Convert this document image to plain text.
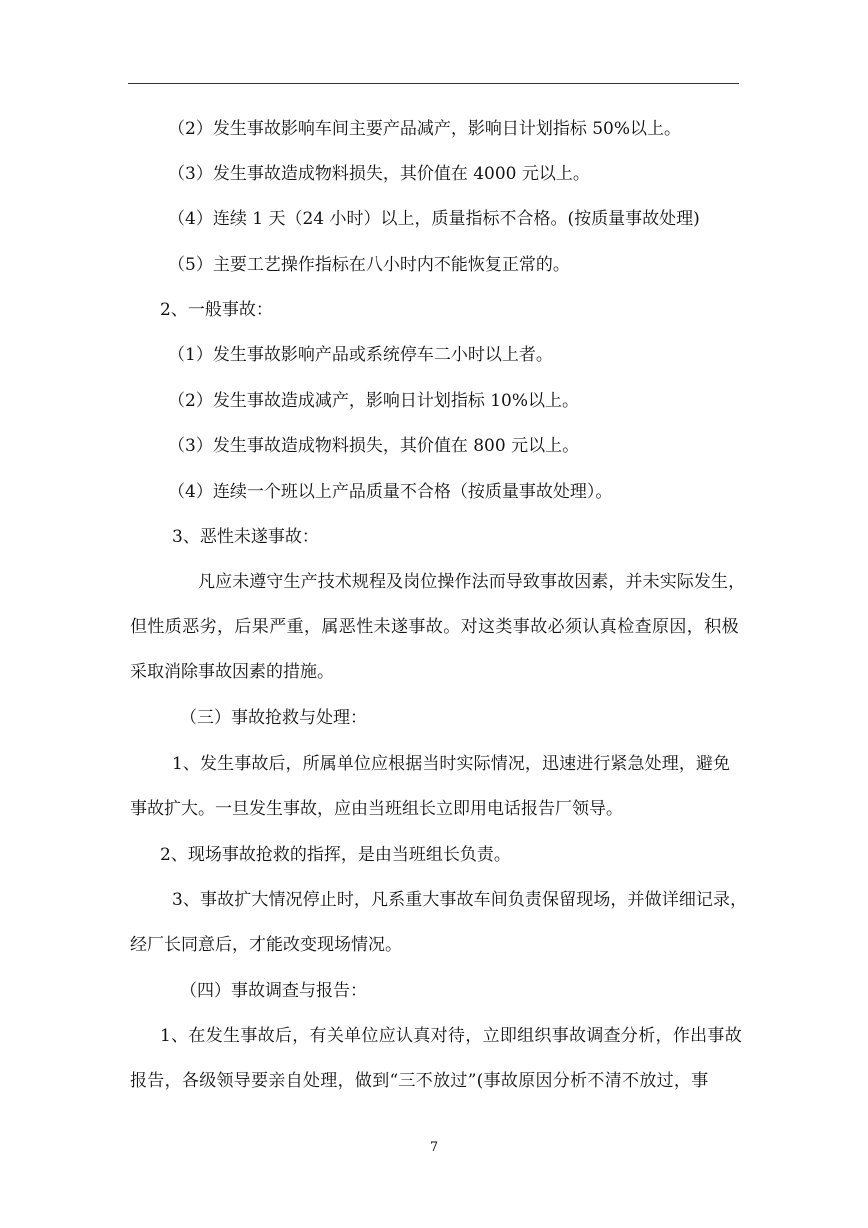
（2）发生事故影响车间主要产品减产，影响日计划指标 50%以上。
（3）发生事故造成物料损失，其价值在 4000 元以上。
（4）连续 1 天（24 小时）以上，质量指标不合格。(按质量事故处理)
（5）主要工艺操作指标在八小时内不能恢复正常的。
2、一般事故：
（1）发生事故影响产品或系统停车二小时以上者。
（2）发生事故造成减产，影响日计划指标 10%以上。
（3）发生事故造成物料损失，其价值在 800 元以上。
（4）连续一个班以上产品质量不合格（按质量事故处理）。
3、恶性未遂事故：
凡应未遵守生产技术规程及岗位操作法而导致事故因素，并未实际发生，
但性质恶劣，后果严重，属恶性未遂事故。对这类事故必须认真检查原因，积极
采取消除事故因素的措施。
（三）事故抢救与处理：
1、发生事故后，所属单位应根据当时实际情况，迅速进行紧急处理，避免
事故扩大。一旦发生事故，应由当班组长立即用电话报告厂领导。
2、现场事故抢救的指挥，是由当班组长负责。
3、事故扩大情况停止时，凡系重大事故车间负责保留现场，并做详细记录，
经厂长同意后，才能改变现场情况。
（四）事故调查与报告：
1、在发生事故后，有关单位应认真对待，立即组织事故调查分析，作出事故
报告，各级领导要亲自处理，做到“三不放过”(事故原因分析不清不放过，事
7
